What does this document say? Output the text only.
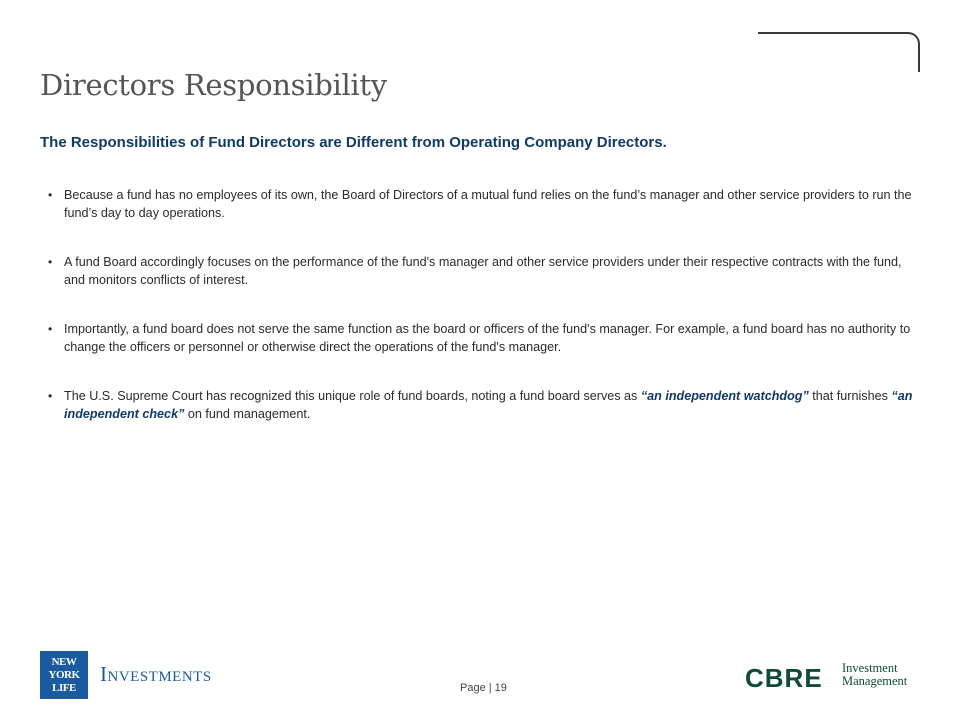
Directors Responsibility
The Responsibilities of Fund Directors are Different from Operating Company Directors.
• Because a fund has no employees of its own, the Board of Directors of a mutual fund relies on the fund’s manager and other service providers to run the fund’s day to day operations.
• A fund Board accordingly focuses on the performance of the fund's manager and other service providers under their respective contracts with the fund, and monitors conflicts of interest.
• Importantly, a fund board does not serve the same function as the board or officers of the fund's manager. For example, a fund board has no authority to change the officers or personnel or otherwise direct the operations of the fund's manager.
• The U.S. Supreme Court has recognized this unique role of fund boards, noting a fund board serves as “an independent watchdog” that furnishes “an independent check” on fund management.
NEW
YORK
LIFE
Investments
Page | 19	CBRE Investment
Management
